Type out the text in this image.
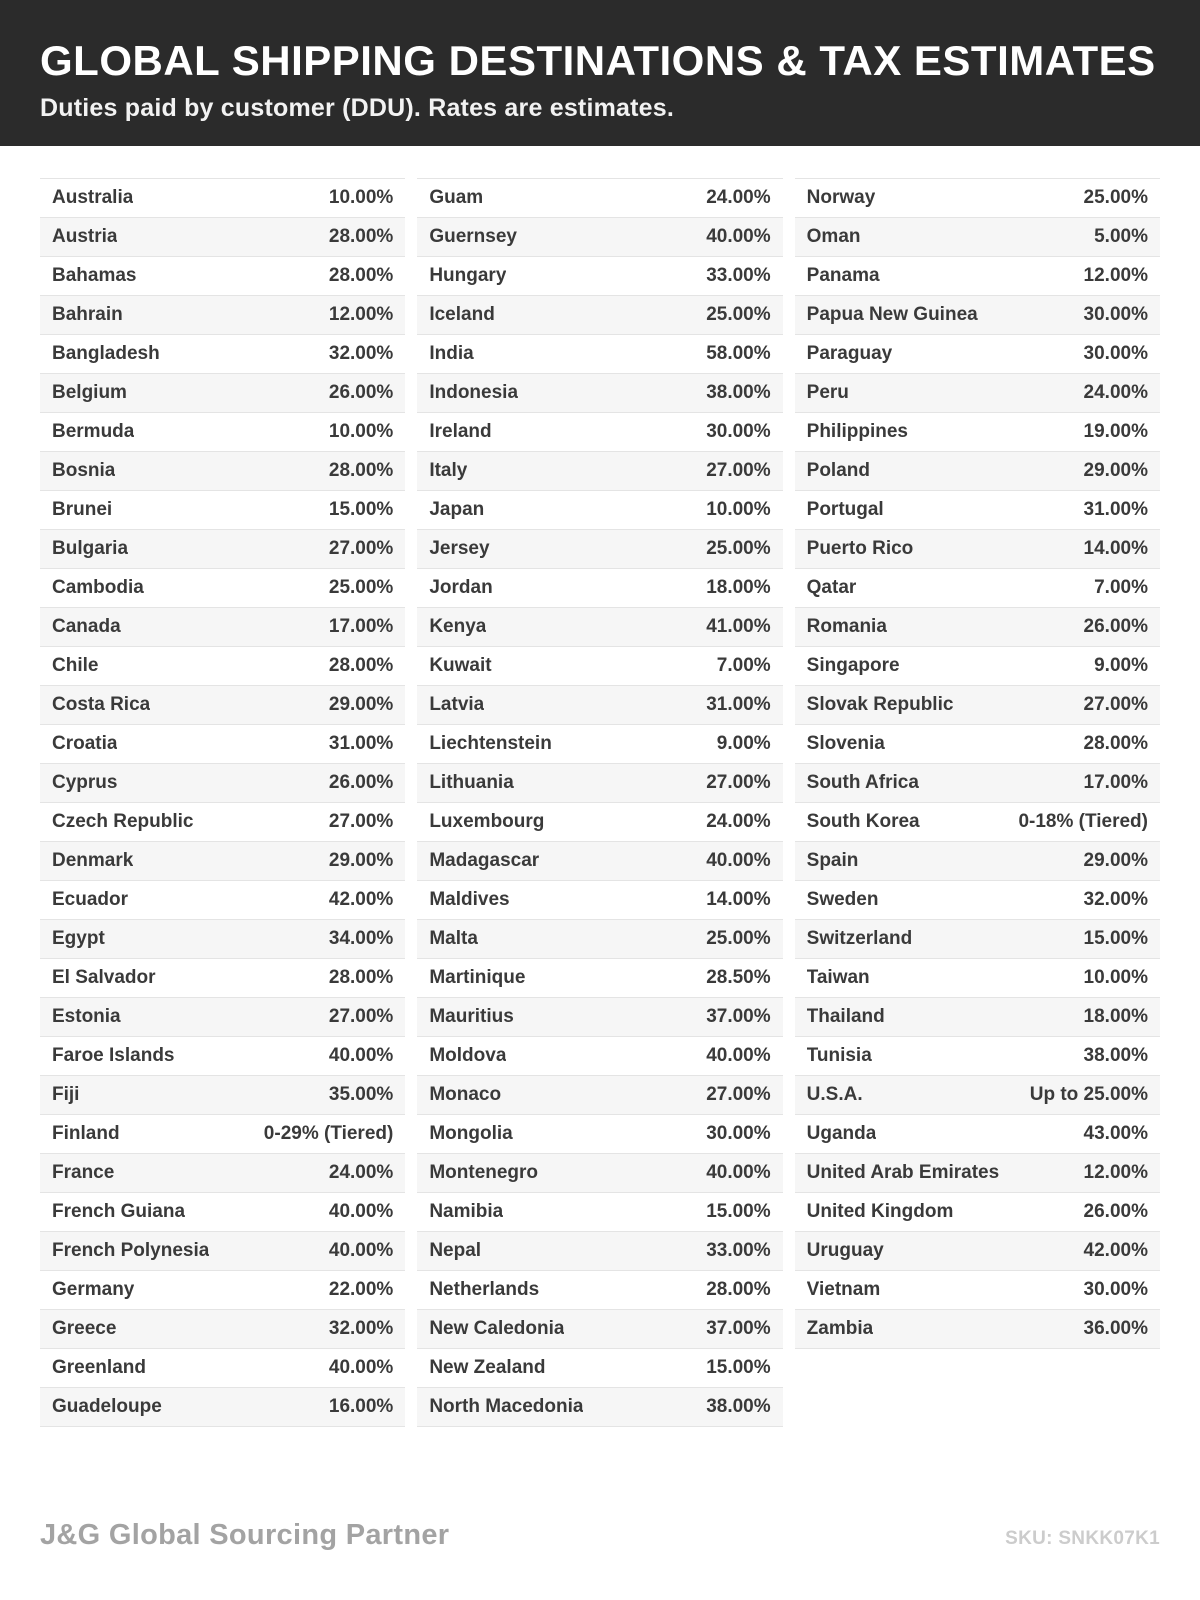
GLOBAL SHIPPING DESTINATIONS & TAX ESTIMATES
Duties paid by customer (DDU). Rates are estimates.
Australia	10.00%
Austria	28.00%
Bahamas	28.00%
Bahrain	12.00%
Bangladesh	32.00%
Belgium	26.00%
Bermuda	10.00%
Bosnia	28.00%
Brunei	15.00%
Bulgaria	27.00%
Cambodia	25.00%
Canada	17.00%
Chile	28.00%
Costa Rica	29.00%
Croatia	31.00%
Cyprus	26.00%
Czech Republic	27.00%
Denmark	29.00%
Ecuador	42.00%
Egypt	34.00%
El Salvador	28.00%
Estonia	27.00%
Faroe Islands	40.00%
Fiji	35.00%
Finland	0-29% (Tiered)
France	24.00%
French Guiana	40.00%
French Polynesia	40.00%
Germany	22.00%
Greece	32.00%
Greenland	40.00%
Guadeloupe	16.00%
Guam	24.00%
Guernsey	40.00%
Hungary	33.00%
Iceland	25.00%
India	58.00%
Indonesia	38.00%
Ireland	30.00%
Italy	27.00%
Japan	10.00%
Jersey	25.00%
Jordan	18.00%
Kenya	41.00%
Kuwait	7.00%
Latvia	31.00%
Liechtenstein	9.00%
Lithuania	27.00%
Luxembourg	24.00%
Madagascar	40.00%
Maldives	14.00%
Malta	25.00%
Martinique	28.50%
Mauritius	37.00%
Moldova	40.00%
Monaco	27.00%
Mongolia	30.00%
Montenegro	40.00%
Namibia	15.00%
Nepal	33.00%
Netherlands	28.00%
New Caledonia	37.00%
New Zealand	15.00%
North Macedonia	38.00%
Norway	25.00%
Oman	5.00%
Panama	12.00%
Papua New Guinea	30.00%
Paraguay	30.00%
Peru	24.00%
Philippines	19.00%
Poland	29.00%
Portugal	31.00%
Puerto Rico	14.00%
Qatar	7.00%
Romania	26.00%
Singapore	9.00%
Slovak Republic	27.00%
Slovenia	28.00%
South Africa	17.00%
South Korea	0-18% (Tiered)
Spain	29.00%
Sweden	32.00%
Switzerland	15.00%
Taiwan	10.00%
Thailand	18.00%
Tunisia	38.00%
U.S.A.	Up to 25.00%
Uganda	43.00%
United Arab Emirates	12.00%
United Kingdom	26.00%
Uruguay	42.00%
Vietnam	30.00%
Zambia	36.00%
J&G Global Sourcing Partner	SKU: SNKK07K1
